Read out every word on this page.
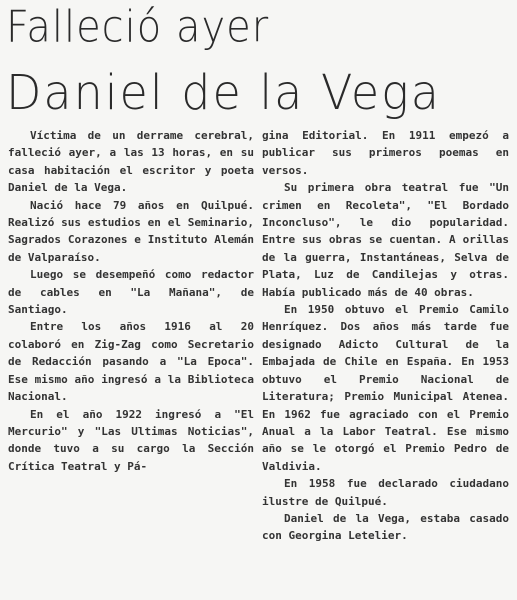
Falleció ayer
Daniel de la Vega

Víctima de un derrame cerebral, falleció ayer, a las 13 horas, en su casa habitación el escritor y poeta Daniel de la Vega.

Nació hace 79 años en Quilpué. Realizó sus estudios en el Seminario, Sagrados Corazones e Instituto Alemán de Valparaíso.

Luego se desempeñó como redactor de cables en "La Mañana", de Santiago.

Entre los años 1916 al 20 colaboró en Zig-Zag como Secretario de Redacción pasando a "La Epoca". Ese mismo año ingresó a la Biblioteca Nacional.

En el año 1922 ingresó a "El Mercurio" y "Las Ultimas Noticias", donde tuvo a su cargo la Sección Crítica Teatral y Pá-

gina Editorial. En 1911 empezó a publicar sus primeros poemas en versos.

Su primera obra teatral fue "Un crimen en Recoleta", "El Bordado Inconcluso", le dio popularidad. Entre sus obras se cuentan. A orillas de la guerra, Instantáneas, Selva de Plata, Luz de Candilejas y otras. Había publicado más de 40 obras.

En 1950 obtuvo el Premio Camilo Henríquez. Dos años más tarde fue designado Adicto Cultural de la Embajada de Chile en España. En 1953 obtuvo el Premio Nacional de Literatura; Premio Municipal Atenea. En 1962 fue agraciado con el Premio Anual a la Labor Teatral. Ese mismo año se le otorgó el Premio Pedro de Valdivia.

En 1958 fue declarado ciudadano ilustre de Quilpué.

Daniel de la Vega, estaba casado con Georgina Letelier.
